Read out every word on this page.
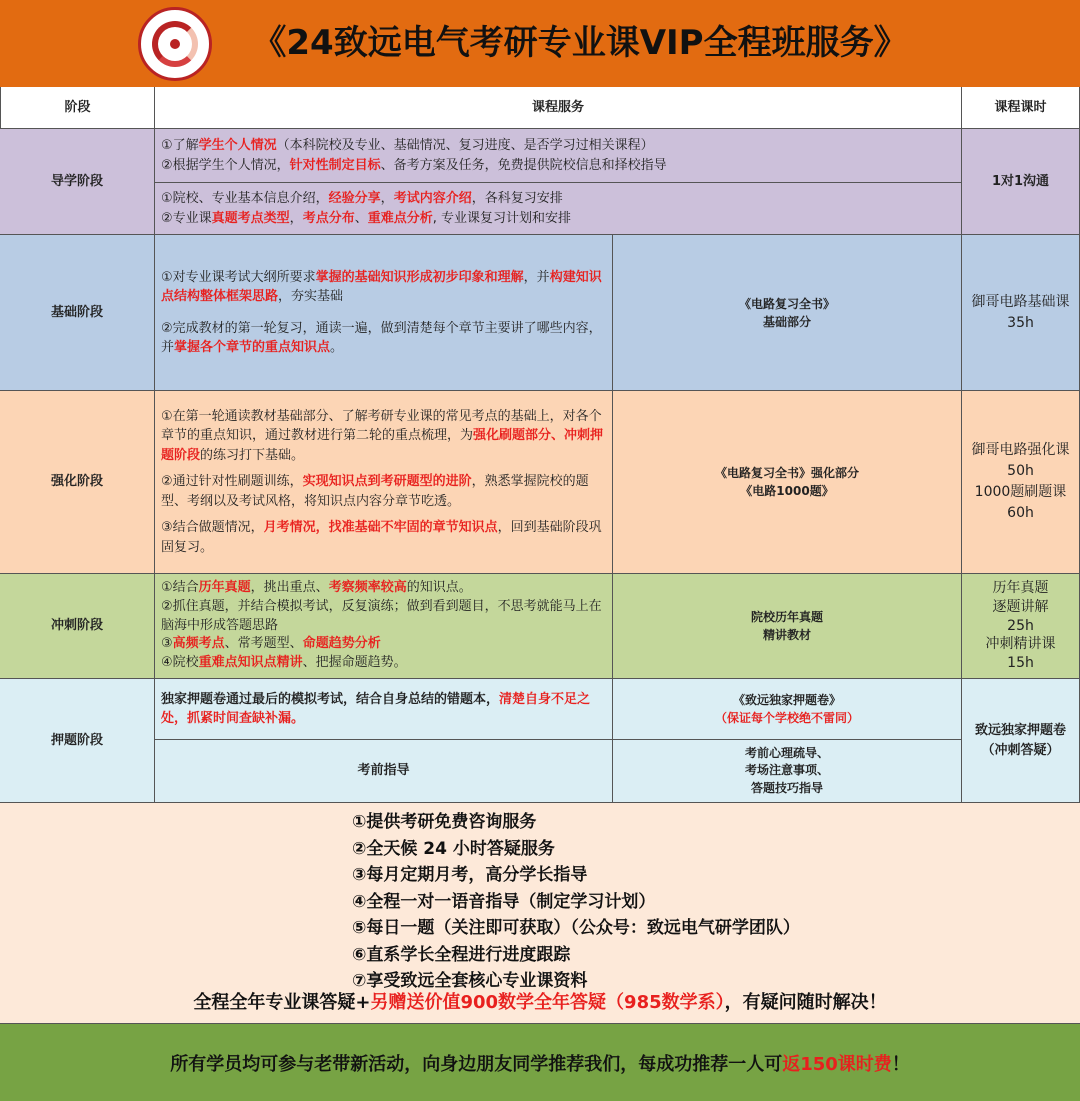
《24致远电气考研专业课VIP全程班服务》
阶段	课程服务	课程课时
导学阶段
①了解学生个人情况（本科院校及专业、基础情况、复习进度、是否学习过相关课程）
②根据学生个人情况，针对性制定目标、备考方案及任务，免费提供院校信息和择校指导
①院校、专业基本信息介绍，经验分享，考试内容介绍，各科复习安排
②专业课真题考点类型，考点分布、重难点分析, 专业课复习计划和安排
1对1沟通
基础阶段
①对专业课考试大纲所要求掌握的基础知识形成初步印象和理解，并构建知识点结构整体框架思路，夯实基础
②完成教材的第一轮复习，通读一遍，做到清楚每个章节主要讲了哪些内容，并掌握各个章节的重点知识点。
《电路复习全书》
基础部分
御哥电路基础课
35h
强化阶段
①在第一轮通读教材基础部分、了解考研专业课的常见考点的基础上，对各个章节的重点知识，通过教材进行第二轮的重点梳理，为强化刷题部分、冲刺押题阶段的练习打下基础。
②通过针对性刷题训练，实现知识点到考研题型的进阶，熟悉掌握院校的题型、考纲以及考试风格，将知识点内容分章节吃透。
③结合做题情况，月考情况，找准基础不牢固的章节知识点，回到基础阶段巩固复习。
《电路复习全书》强化部分
《电路1000题》
御哥电路强化课
50h
1000题刷题课
60h
冲刺阶段
①结合历年真题，挑出重点、考察频率较高的知识点。
②抓住真题，并结合模拟考试，反复演练；做到看到题目，不思考就能马上在脑海中形成答题思路
③高频考点、常考题型、命题趋势分析
④院校重难点知识点精讲、把握命题趋势。
院校历年真题
精讲教材
历年真题
逐题讲解
25h
冲刺精讲课
15h
押题阶段
独家押题卷通过最后的模拟考试，结合自身总结的错题本，清楚自身不足之处，抓紧时间查缺补漏。
《致远独家押题卷》
（保证每个学校绝不雷同）
考前指导
考前心理疏导、
考场注意事项、
答题技巧指导
致远独家押题卷
（冲刺答疑）
①提供考研免费咨询服务
②全天候 24 小时答疑服务
③每月定期月考，高分学长指导
④全程一对一语音指导（制定学习计划）
⑤每日一题（关注即可获取）（公众号：致远电气研学团队）
⑥直系学长全程进行进度跟踪
⑦享受致远全套核心专业课资料
全程全年专业课答疑+另赠送价值900数学全年答疑（985数学系），有疑问随时解决！
所有学员均可参与老带新活动，向身边朋友同学推荐我们，每成功推荐一人可 返150课时费 ！
